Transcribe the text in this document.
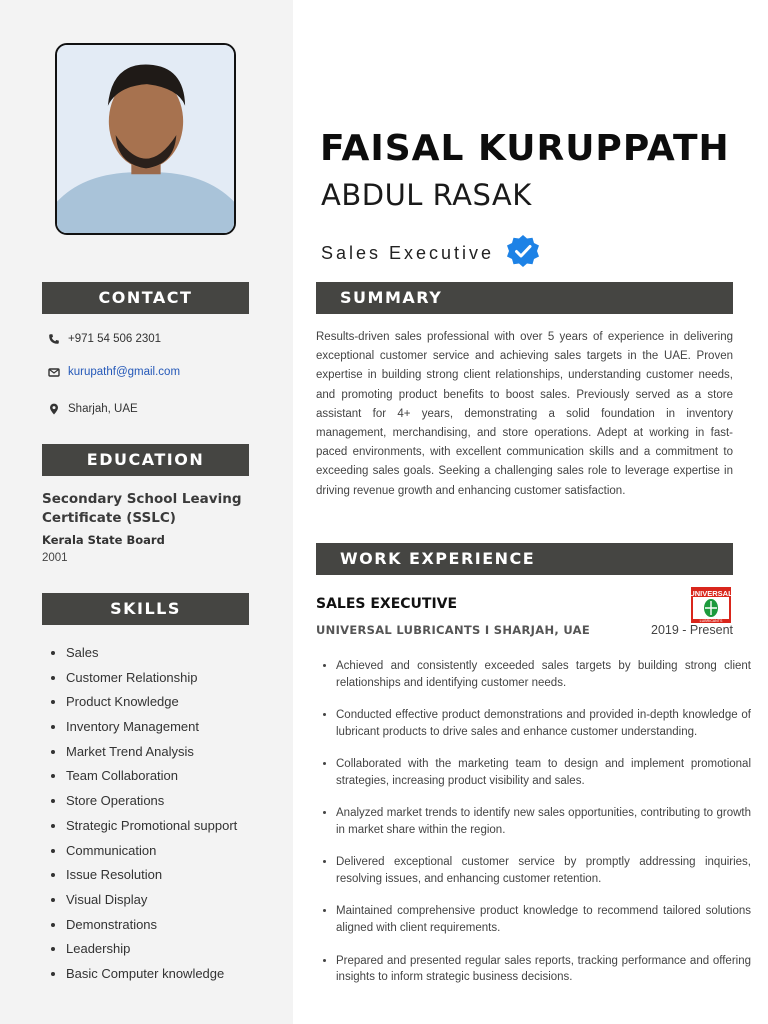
CONTACT
+971 54 506 2301
kurupathf@gmail.com
Sharjah, UAE
EDUCATION
Secondary School Leaving Certificate (SSLC)
Kerala State Board
2001
SKILLS
• Sales
• Customer Relationship
• Product Knowledge
• Inventory Management
• Market Trend Analysis
• Team Collaboration
• Store Operations
• Strategic Promotional support
• Communication
• Issue Resolution
• Visual Display
• Demonstrations
• Leadership
• Basic Computer knowledge
FAISAL KURUPPATH
ABDUL RASAK
Sales Executive
SUMMARY

Results-driven sales professional with over 5 years of experience in delivering exceptional customer service and achieving sales targets in the UAE. Proven expertise in building strong client relationships, understanding customer needs, and promoting product benefits to boost sales. Previously served as a store assistant for 4+ years, demonstrating a solid foundation in inventory management, merchandising, and store operations. Adept at working in fast-paced environments, with excellent communication skills and a commitment to exceeding sales goals. Seeking a challenging sales role to leverage expertise in driving revenue growth and enhancing customer satisfaction.

WORK EXPERIENCE
SALES EXECUTIVE
UNIVERSAL LUBRICANTS I SHARJAH, UAE	2019 - Present
UNIVERSAL
LUBRICANTS
• Achieved and consistently exceeded sales targets by building strong client relationships and identifying customer needs.
• Conducted effective product demonstrations and provided in-depth knowledge of lubricant products to drive sales and enhance customer understanding.
• Collaborated with the marketing team to design and implement promotional strategies, increasing product visibility and sales.
• Analyzed market trends to identify new sales opportunities, contributing to growth in market share within the region.
• Delivered exceptional customer service by promptly addressing inquiries, resolving issues, and enhancing customer retention.
• Maintained comprehensive product knowledge to recommend tailored solutions aligned with client requirements.
• Prepared and presented regular sales reports, tracking performance and offering insights to inform strategic business decisions.
